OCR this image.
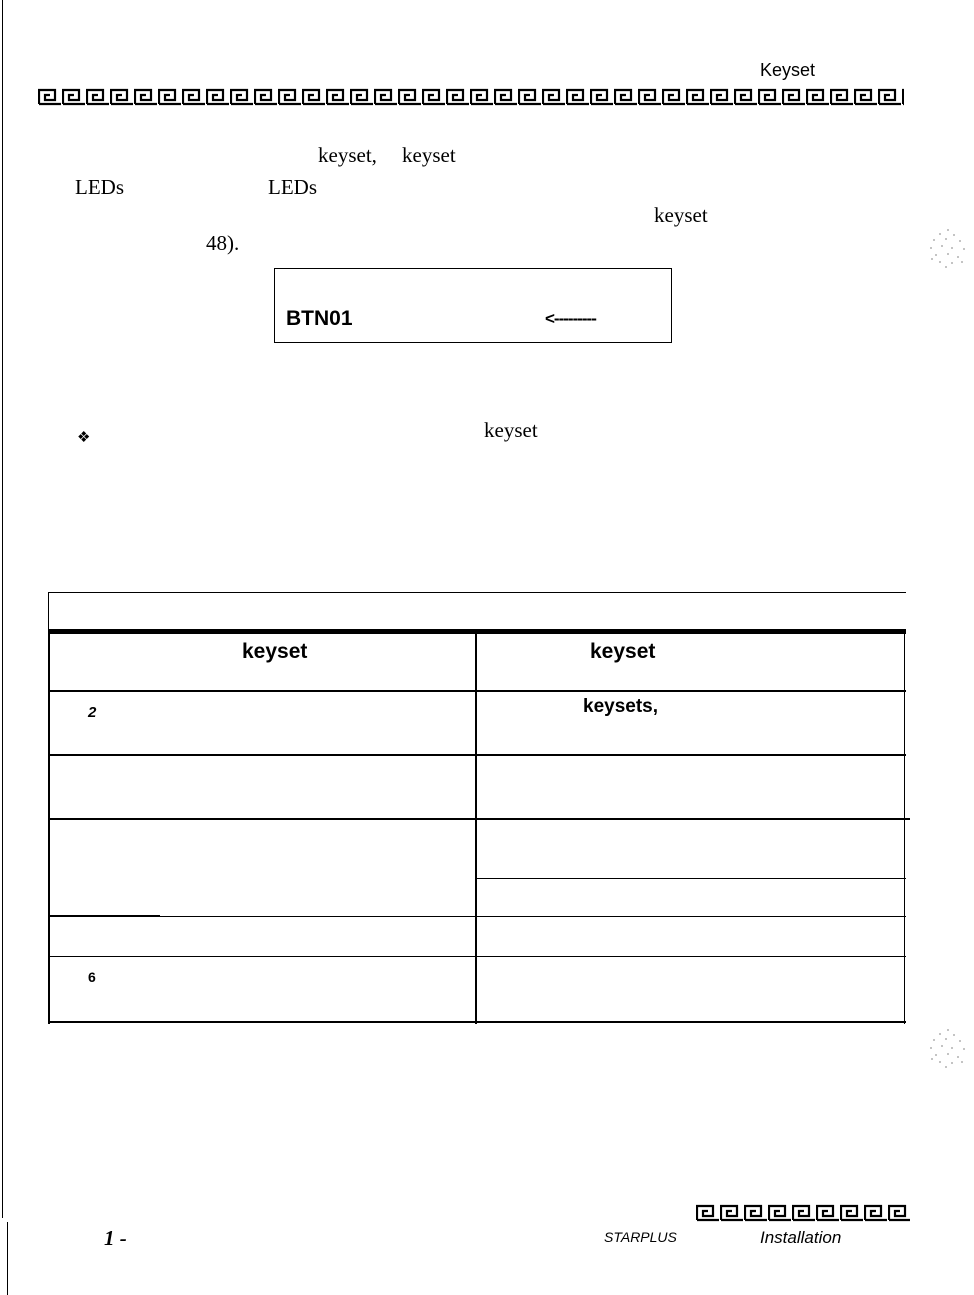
Keyset
keyset, keyset
LEDs	LEDs
keyset
48).
BTN01	<---------
❖	keyset
keyset	keyset
2	keysets,
6
1 -	STARPLUS	Installation
